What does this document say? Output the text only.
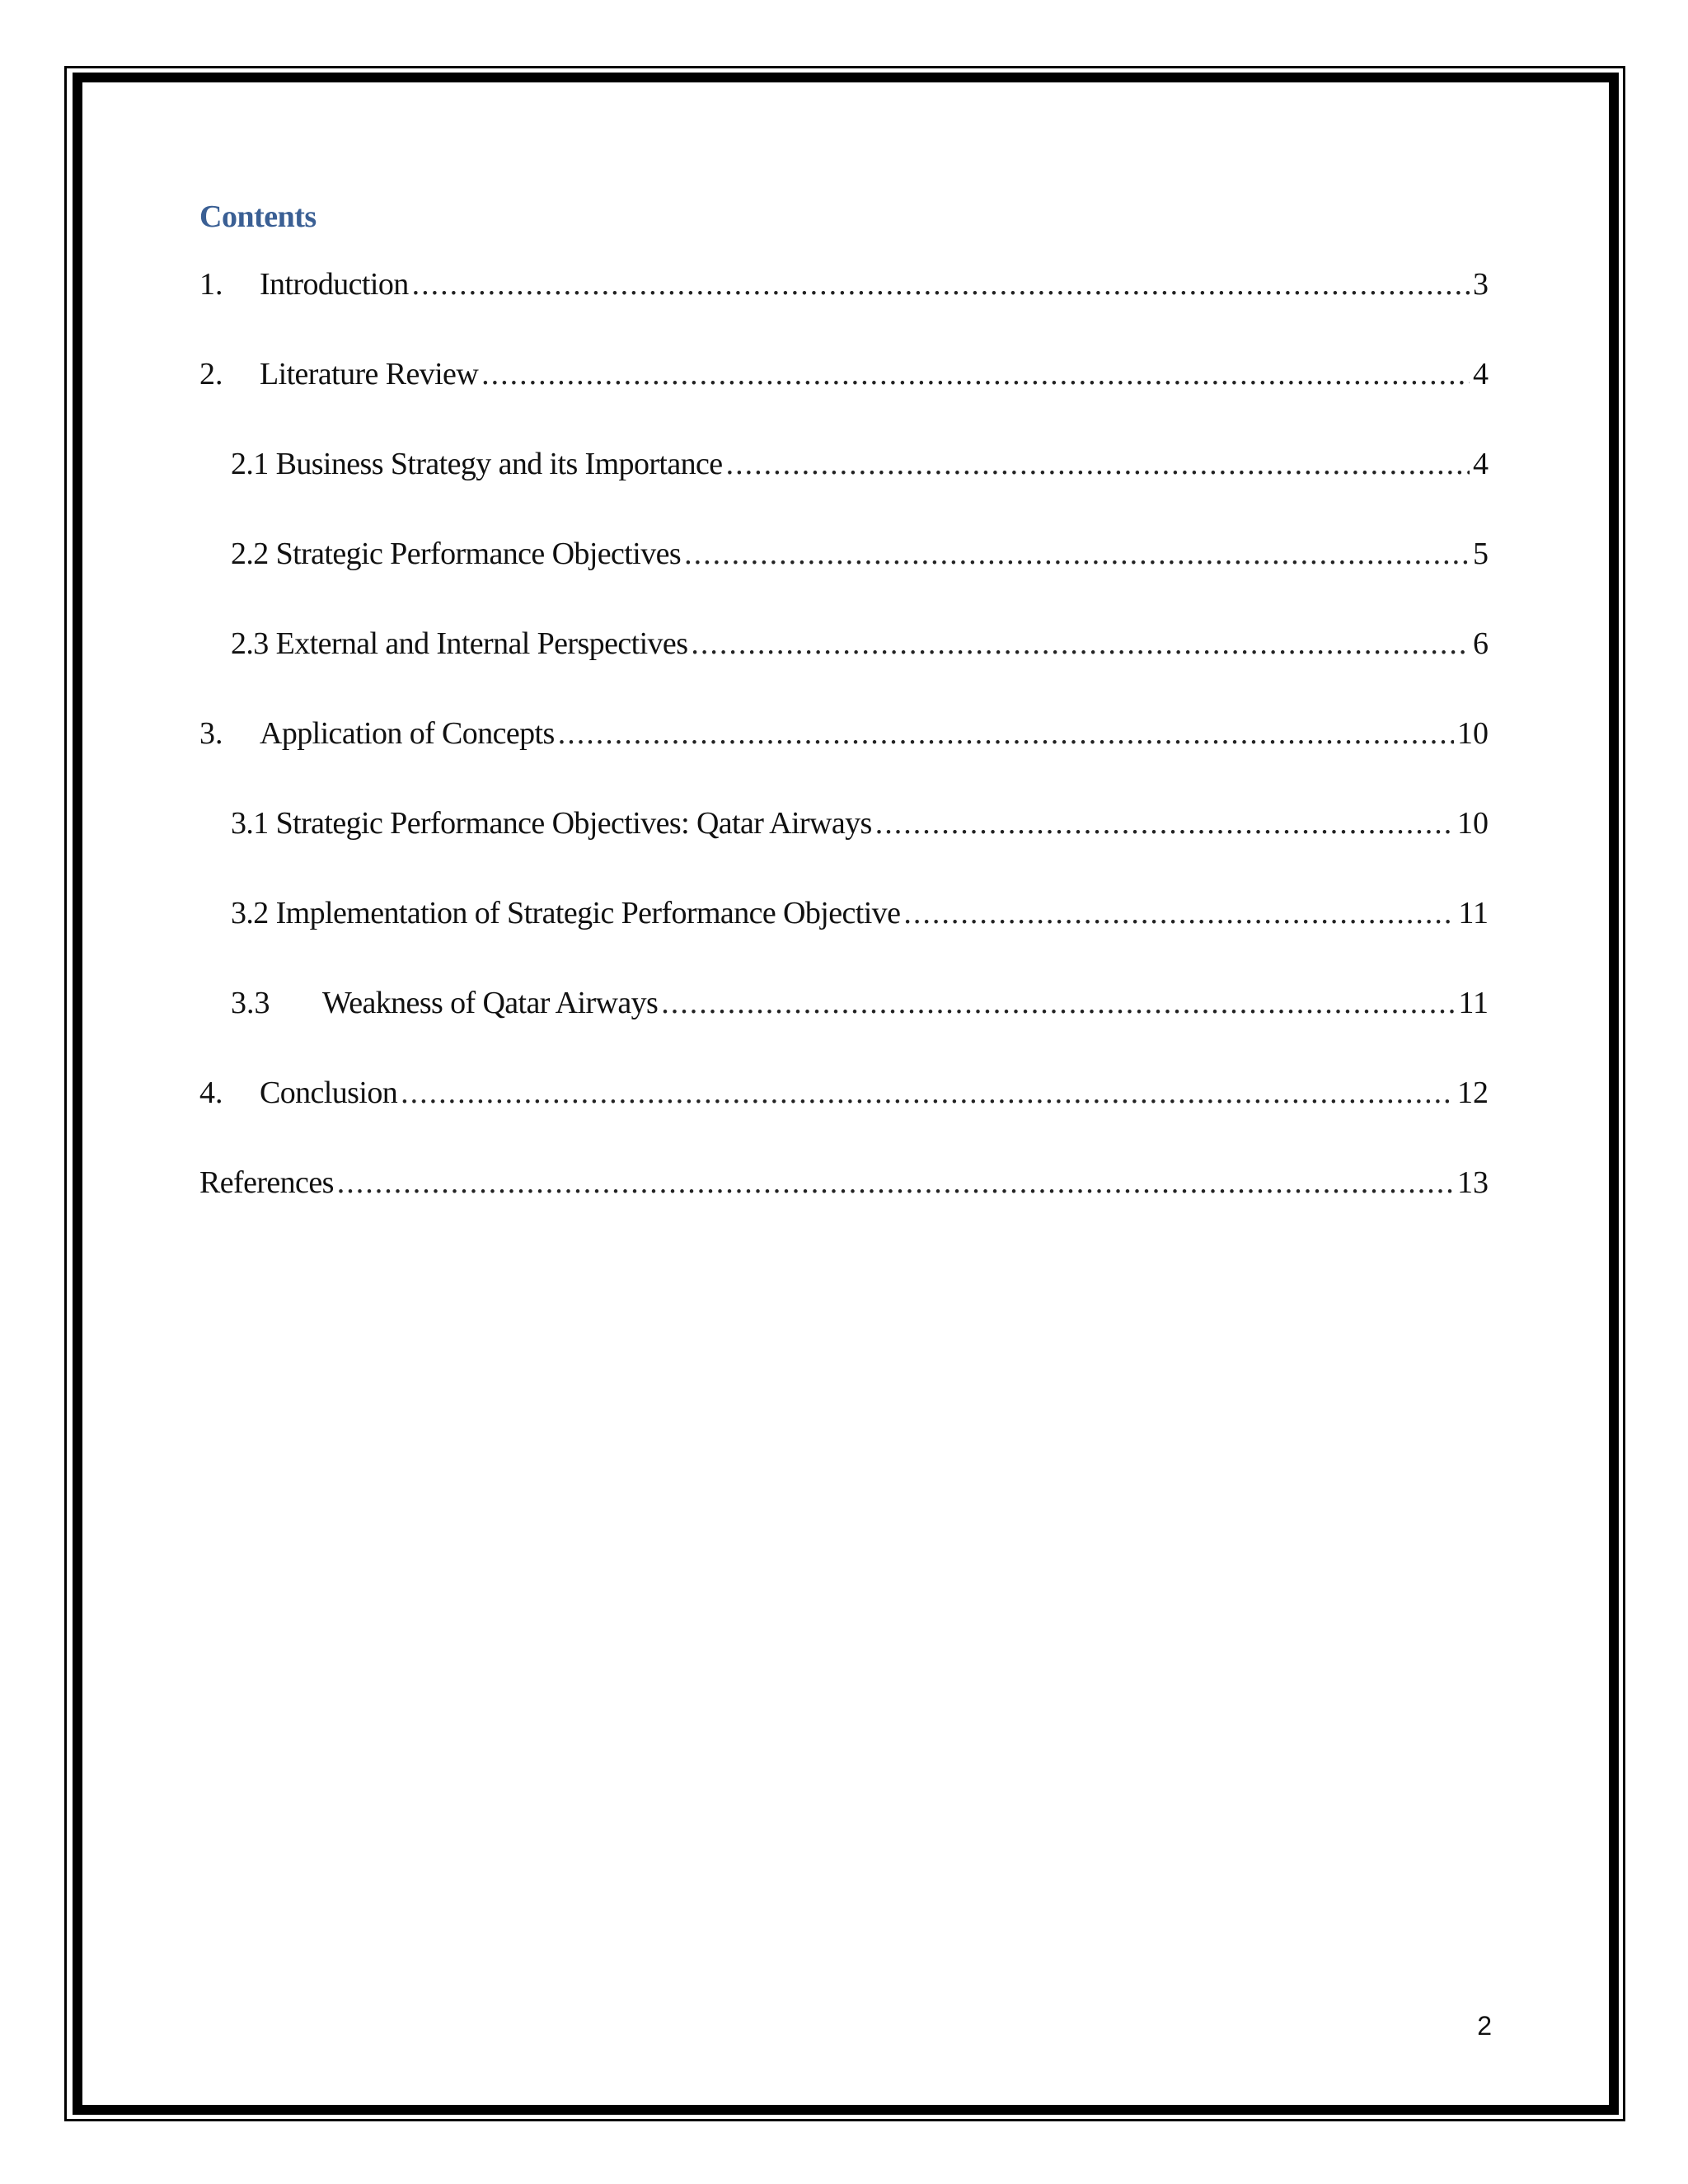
Contents
1.	Introduction .....	3
2.	Literature Review .....	4
2.1 Business Strategy and its Importance .....	4
2.2 Strategic Performance Objectives .....	5
2.3 External and Internal Perspectives .....	6
3.	Application of Concepts .....	10
3.1 Strategic Performance Objectives: Qatar Airways .....	10
3.2 Implementation of Strategic Performance Objective .....	11
3.3	Weakness of Qatar Airways .....	11
4.	Conclusion .....	12
References .....	13
2
